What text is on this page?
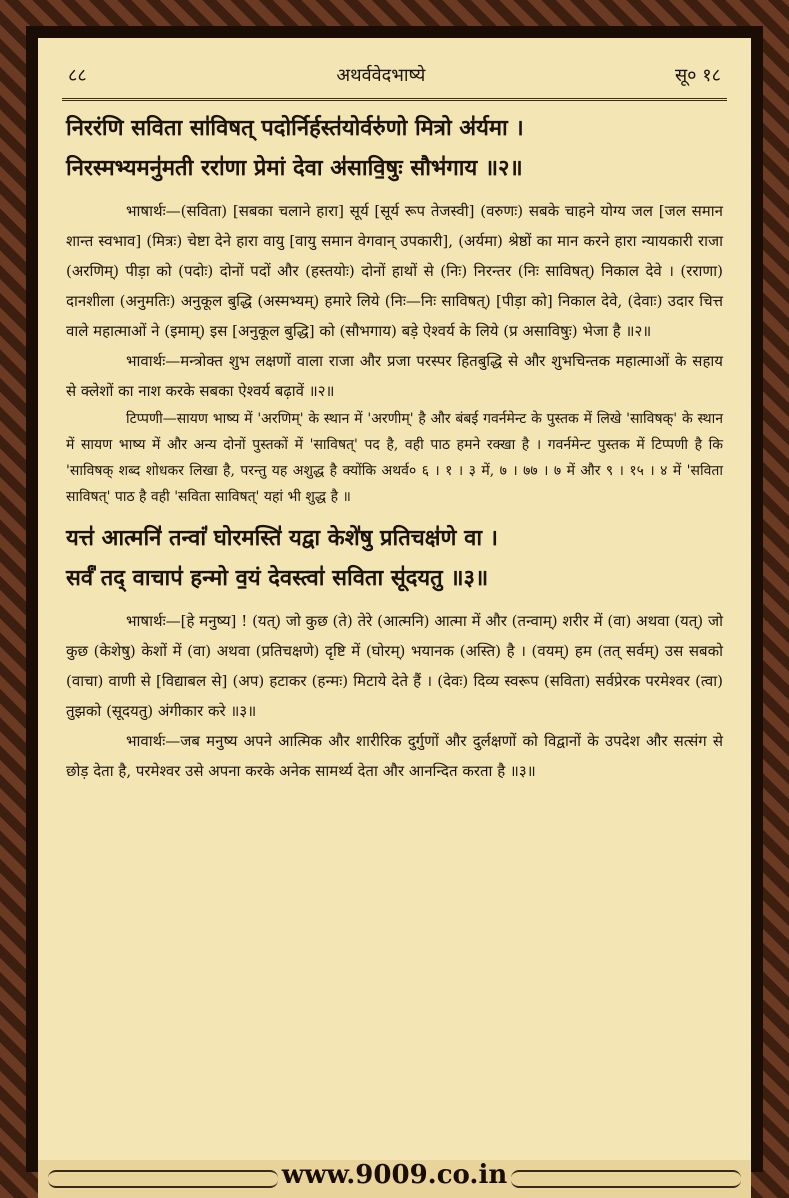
८८	अथर्ववेदभाष्ये	सू० १८

निररंणि सविता सा॑विषत् पदोर्निर्हस्त॑योर्वरु॑णो मित्रो अ॑र्यमा ।

निरस्मभ्यमनु॑मती ररा॑णा प्रेमां देवा अ॑सावि॒षुः सौभ॑गाय ॥२॥

भाषार्थः—(सविता) [सबका चलाने हारा] सूर्य [सूर्य रूप तेजस्वी] (वरुणः) सबके चाहने योग्य जल [जल समान शान्त स्वभाव] (मित्रः) चेष्टा देने हारा वायु [वायु समान वेगवान् उपकारी], (अर्यमा) श्रेष्ठों का मान करने हारा न्यायकारी राजा (अरणिम्) पीड़ा को (पदोः) दोनों पदों और (हस्तयोः) दोनों हाथों से (निः) निरन्तर (निः साविषत्) निकाल देवे । (रराणा) दानशीला (अनुमतिः) अनुकूल बुद्धि (अस्मभ्यम्) हमारे लिये (निः—निः साविषत्) [पीड़ा को] निकाल देवे, (देवाः) उदार चित्त वाले महात्माओं ने (इमाम्) इस [अनुकूल बुद्धि] को (सौभगाय) बड़े ऐश्वर्य के लिये (प्र असाविषुः) भेजा है ॥२॥

भावार्थः—मन्त्रोक्त शुभ लक्षणों वाला राजा और प्रजा परस्पर हितबुद्धि से और शुभचिन्तक महात्माओं के सहाय से क्लेशों का नाश करके सबका ऐश्वर्य बढ़ावें ॥२॥

टिप्पणी—सायण भाष्य में 'अरणिम्' के स्थान में 'अरणीम्' है और बंबई गवर्नमेन्ट के पुस्तक में लिखे 'साविषक्' के स्थान में सायण भाष्य में और अन्य दोनों पुस्तकों में 'साविषत्' पद है, वही पाठ हमने रक्खा है । गवर्नमेन्ट पुस्तक में टिप्पणी है कि 'साविषक् शब्द शोधकर लिखा है, परन्तु यह अशुद्ध है क्योंकि अथर्व० ६ । १ । ३ में, ७ । ७७ । ७ में और ९ । १५ । ४ में 'सविता साविषत्' पाठ है वही 'सविता साविषत्' यहां भी शुद्ध है ॥

यत्त॑ आत्मनि॑ तन्वां॑ घोरमस्ति॑ यद्वा केशे॑षु प्रतिचक्ष॑णे वा ।

सर्वं॑ तद् वाचाप॑ हन्मो व॒यं देवस्त्वा॑ सविता सू॑दयतु ॥३॥

भाषार्थः—[हे मनुष्य] ! (यत्) जो कुछ (ते) तेरे (आत्मनि) आत्मा में और (तन्वाम्) शरीर में (वा) अथवा (यत्) जो कुछ (केशेषु) केशों में (वा) अथवा (प्रतिचक्षणे) दृष्टि में (घोरम्) भयानक (अस्ति) है । (वयम्) हम (तत् सर्वम्) उस सबको (वाचा) वाणी से [विद्याबल से] (अप) हटाकर (हन्मः) मिटाये देते हैं । (देवः) दिव्य स्वरूप (सविता) सर्वप्रेरक परमेश्वर (त्वा) तुझको (सूदयतु) अंगीकार करे ॥३॥

भावार्थः—जब मनुष्य अपने आत्मिक और शारीरिक दुर्गुणों और दुर्लक्षणों को विद्वानों के उपदेश और सत्संग से छोड़ देता है, परमेश्वर उसे अपना करके अनेक सामर्थ्य देता और आनन्दित करता है ॥३॥

www.9009.co.in
